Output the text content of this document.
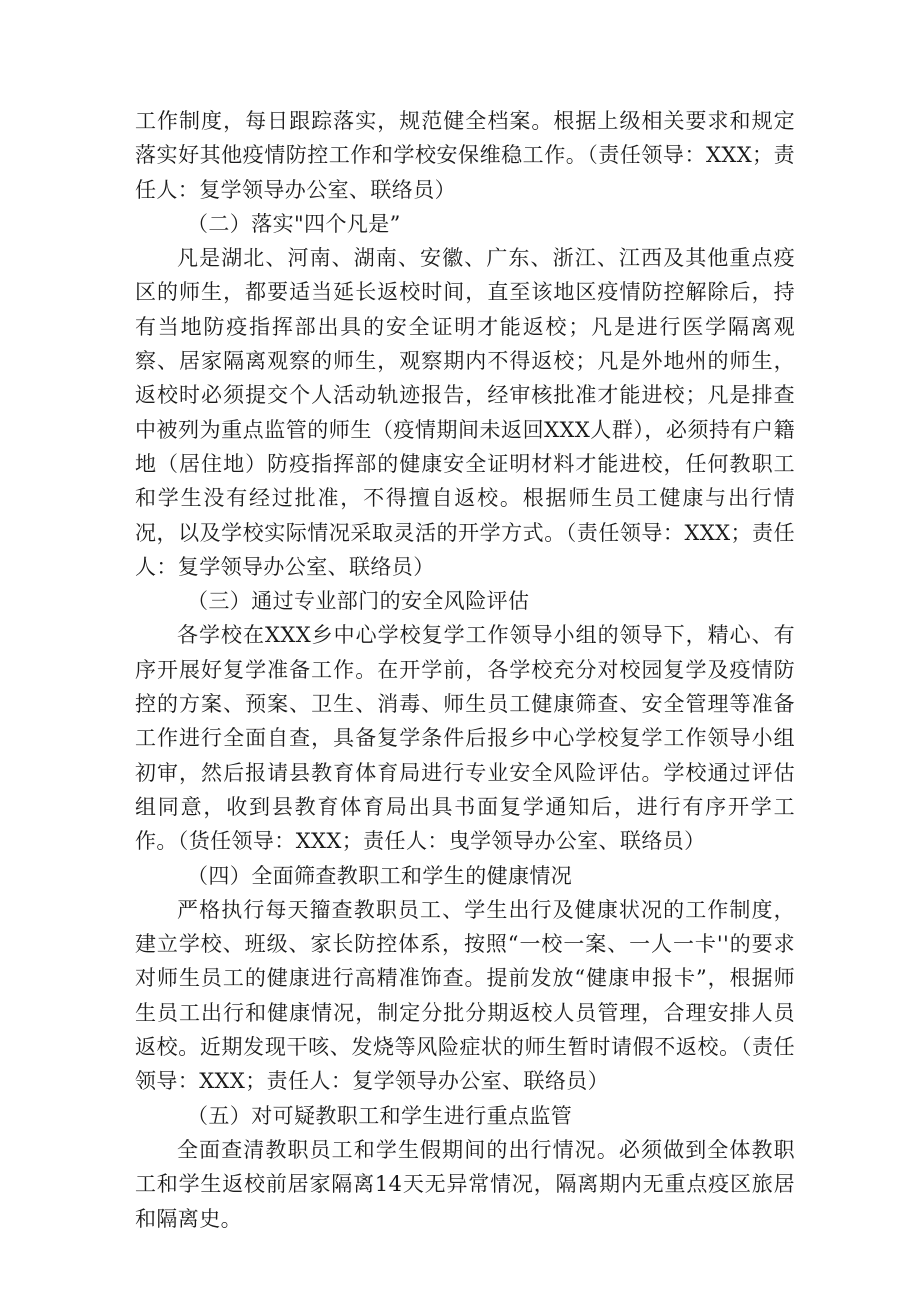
工作制度，每日跟踪落实，规范健全档案。根据上级相关要求和规定落实好其他疫情防控工作和学校安保维稳工作。（责任领导：XXX；责任人：复学领导办公室、联络员）

（二）落实"四个凡是”

凡是湖北、河南、湖南、安徽、广东、浙江、江西及其他重点疫区的师生，都要适当延长返校时间，直至该地区疫情防控解除后，持有当地防疫指挥部出具的安全证明才能返校；凡是进行医学隔离观察、居家隔离观察的师生，观察期内不得返校；凡是外地州的师生，返校时必须提交个人活动轨迹报告，经审核批准才能进校；凡是排查中被列为重点监管的师生（疫情期间未返回XXX人群），必须持有户籍地（居住地）防疫指挥部的健康安全证明材料才能进校，任何教职工和学生没有经过批准，不得擅自返校。根据师生员工健康与出行情况，以及学校实际情况采取灵活的开学方式。（责任领导：XXX；责任人：复学领导办公室、联络员）

（三）通过专业部门的安全风险评估

各学校在XXX乡中心学校复学工作领导小组的领导下，精心、有序开展好复学准备工作。在开学前，各学校充分对校园复学及疫情防控的方案、预案、卫生、消毒、师生员工健康筛查、安全管理等准备工作进行全面自查，具备复学条件后报乡中心学校复学工作领导小组初审，然后报请县教育体育局进行专业安全风险评估。学校通过评估组同意，收到县教育体育局出具书面复学通知后，进行有序开学工作。（货任领导：XXX；责任人：曳学领导办公室、联络员）

（四）全面筛查教职工和学生的健康情况

严格执行每天籀查教职员工、学生出行及健康状况的工作制度，建立学校、班级、家长防控体系，按照“一校一案、一人一卡''的要求对师生员工的健康进行高精准饰查。提前发放“健康申报卡”，根据师生员工出行和健康情况，制定分批分期返校人员管理，合理安排人员返校。近期发现干咳、发烧等风险症状的师生暂时请假不返校。（责任领导：XXX；责任人：复学领导办公室、联络员）

（五）对可疑教职工和学生进行重点监管

全面查清教职员工和学生假期间的出行情况。必须做到全体教职工和学生返校前居家隔离14天无异常情况，隔离期内无重点疫区旅居和隔离史。
